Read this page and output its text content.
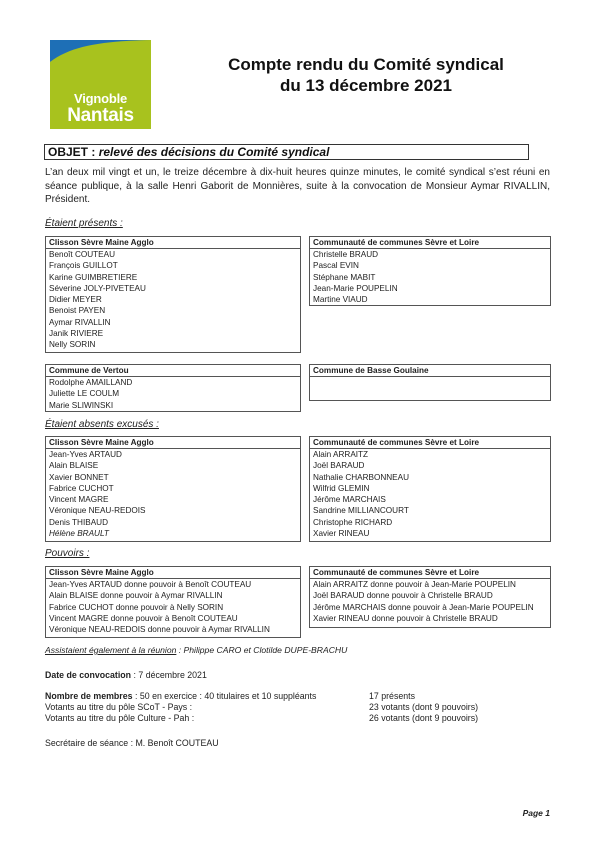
Vignoble
Nantais
Compte rendu du Comité syndical
du 13 décembre 2021
OBJET : relevé des décisions du Comité syndical
L’an deux mil vingt et un, le treize décembre à dix-huit heures quinze minutes, le comité syndical s’est réuni en séance publique, à la salle Henri Gaborit de Monnières, suite à la convocation de Monsieur Aymar RIVALLIN, Président.
Étaient présents :
Clisson Sèvre Maine Agglo
Benoît COUTEAU
François GUILLOT
Karine GUIMBRETIERE
Séverine JOLY-PIVETEAU
Didier MEYER
Benoist PAYEN
Aymar RIVALLIN
Janik RIVIERE
Nelly SORIN
Communauté de communes Sèvre et Loire
Christelle BRAUD
Pascal EVIN
Stéphane MABIT
Jean-Marie POUPELIN
Martine VIAUD
Commune de Vertou
Rodolphe AMAILLAND
Juliette LE COULM
Marie SLIWINSKI
Commune de Basse Goulaine
Étaient absents excusés :
Clisson Sèvre Maine Agglo
Jean-Yves ARTAUD
Alain BLAISE
Xavier BONNET
Fabrice CUCHOT
Vincent MAGRE
Véronique NEAU-REDOIS
Denis THIBAUD
Hélène BRAULT
Communauté de communes Sèvre et Loire
Alain ARRAITZ
Joël BARAUD
Nathalie CHARBONNEAU
Wilfrid GLEMIN
Jérôme MARCHAIS
Sandrine MILLIANCOURT
Christophe RICHARD
Xavier RINEAU
Pouvoirs :
Clisson Sèvre Maine Agglo
Jean-Yves ARTAUD donne pouvoir à Benoît COUTEAU
Alain BLAISE donne pouvoir à Aymar RIVALLIN
Fabrice CUCHOT donne pouvoir à Nelly SORIN
Vincent MAGRE donne pouvoir à Benoît COUTEAU
Véronique NEAU-REDOIS donne pouvoir à Aymar RIVALLIN
Communauté de communes Sèvre et Loire
Alain ARRAITZ donne pouvoir à Jean-Marie POUPELIN
Joël BARAUD donne pouvoir à Christelle BRAUD
Jérôme MARCHAIS donne pouvoir à Jean-Marie POUPELIN
Xavier RINEAU donne pouvoir à Christelle BRAUD
Assistaient également à la réunion : Philippe CARO et Clotilde DUPE-BRACHU
Date de convocation : 7 décembre 2021
Nombre de membres : 50 en exercice : 40 titulaires et 10 suppléants	17 présents
Votants au titre du pôle SCoT - Pays :	23 votants (dont 9 pouvoirs)
Votants au titre du pôle Culture - Pah :	26 votants (dont 9 pouvoirs)
Secrétaire de séance : M. Benoît COUTEAU
Page 1
